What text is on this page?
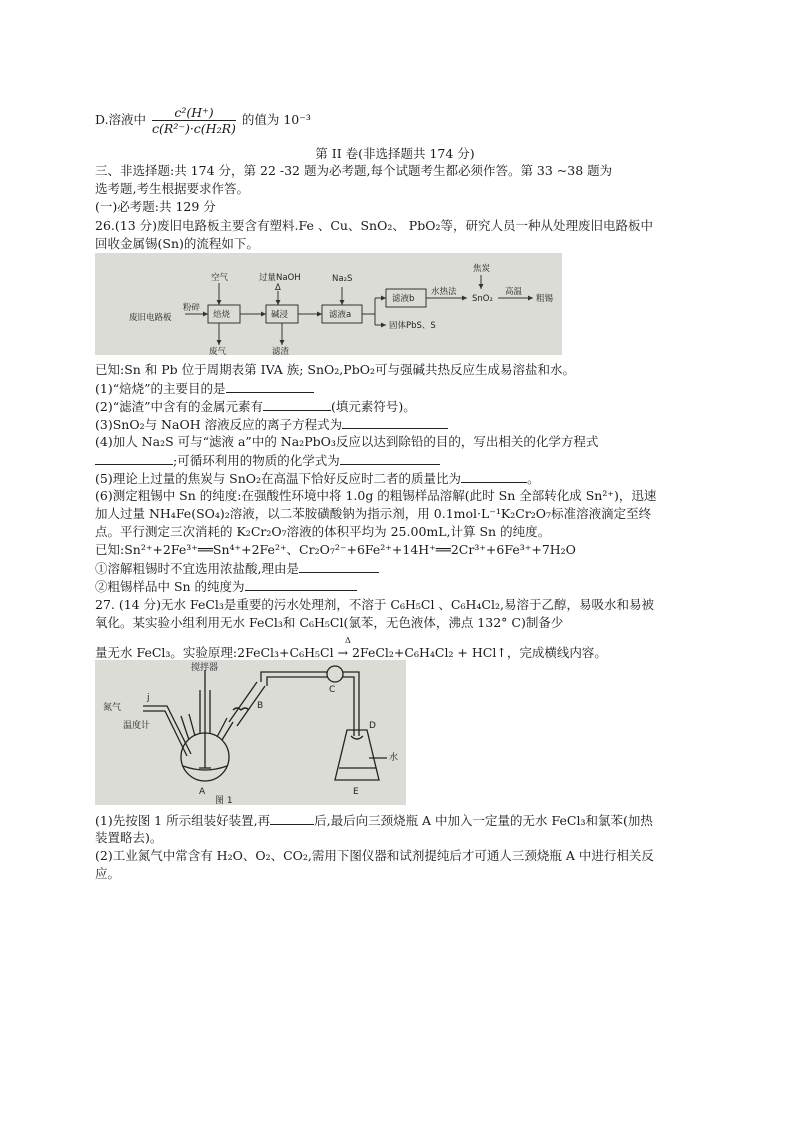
D.溶液中 $\frac{\text{c²(H⁺)}}{\text{c(R²⁻)·c(H₂R)}}$ 的值为 10⁻³
第 II 卷(非选择题共 174 分)
三、非选择题:共 174 分，第 22 -32 题为必考题,每个试题考生都必须作答。第 33 ~38 题为
选考题,考生根据要求作答。
(一)必考题:共 129 分
26.(13 分)废旧电路板主要含有塑料.Fe 、Cu、SnO₂、 PbO₂等，研究人员一种从处理废旧电路板中
回收金属锡(Sn)的流程如下。
废旧电路板
粉碎
焙烧	碱浸	滤液a
滤液b
空气	过量NaOH
Δ
Na₂S
焦炭
水热法
SnO₂
高温
粗锡
废气	滤渣
固体PbS、S
已知:Sn 和 Pb 位于周期表第 IVA 族; SnO₂,PbO₂可与强碱共热反应生成易溶盐和水。
(1)“焙烧”的主要目的是
(2)“滤渣”中含有的金属元素有	(填元素符号)。
(3)SnO₂与 NaOH 溶液反应的离子方程式为
(4)加人 Na₂S 可与“滤液 a”中的 Na₂PbO₃反应以达到除铅的目的，写出相关的化学方程式
;可循环利用的物质的化学式为
(5)理论上过量的焦炭与 SnO₂在高温下恰好反应时二者的质量比为	。
(6)测定粗锡中 Sn 的纯度:在强酸性环境中将 1.0g 的粗锡样品溶解(此时 Sn 全部转化成 Sn²⁺)，迅速
加人过量 NH₄Fe(SO₄)₂溶液，以二苯胺磺酸钠为指示剂，用 0.1mol·L⁻¹K₂Cr₂O₇标准溶液滴定至终
点。平行测定三次消耗的 K₂Cr₂O₇溶液的体积平均为 25.00mL,计算 Sn 的纯度。
已知:Sn²⁺+2Fe³⁺══Sn⁴⁺+2Fe²⁺、Cr₂O₇²⁻+6Fe²⁺+14H⁺══2Cr³⁺+6Fe³⁺+7H₂O
①溶解粗锡时不宜选用浓盐酸,理由是
②粗锡样品中 Sn 的纯度为
27. (14 分)无水 FeCl₃是重要的污水处理剂，不溶于 C₆H₅Cl 、C₆H₄Cl₂,易溶于乙醇，易吸水和易被
氧化。某实验小组利用无水 FeCl₃和 C₆H₅Cl(氯苯，无色液体，沸点 132° C)制备少
Δ
量无水 FeCl₃。实验原理:2FeCl₃+C₆H₅Cl → 2FeCl₂+C₆H₄Cl₂ + HCl↑，完成横线内容。
搅拌器
氮气
j
温度计
A
B
C
D
E
水
图 1
(1)先按图 1 所示组装好装置,再	后,最后向三颈烧瓶 A 中加入一定量的无水 FeCl₃和氯苯(加热
装置略去)。
(2)工业氮气中常含有 H₂O、O₂、CO₂,需用下图仪器和试剂提纯后才可通人三颈烧瓶 A 中进行相关反
应。
